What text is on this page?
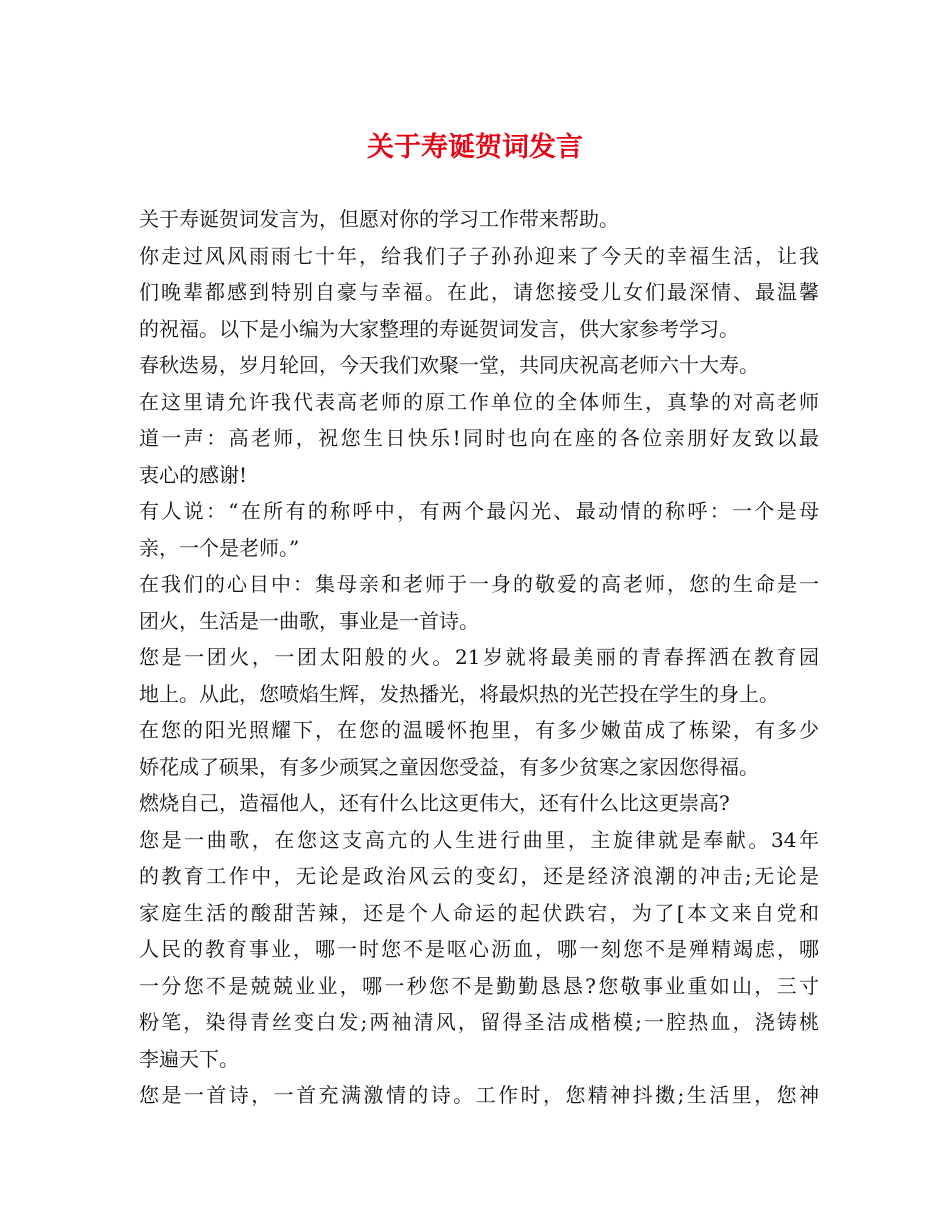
关于寿诞贺词发言
关于寿诞贺词发言为，但愿对你的学习工作带来帮助。
你走过风风雨雨七十年，给我们子子孙孙迎来了今天的幸福生活，让我
们晚辈都感到特别自豪与幸福。在此，请您接受儿女们最深情、最温馨
的祝福。以下是小编为大家整理的寿诞贺词发言，供大家参考学习。
春秋迭易，岁月轮回，今天我们欢聚一堂，共同庆祝高老师六十大寿。
在这里请允许我代表高老师的原工作单位的全体师生，真挚的对高老师
道一声：高老师，祝您生日快乐!同时也向在座的各位亲朋好友致以最
衷心的感谢!
有人说：“在所有的称呼中，有两个最闪光、最动情的称呼：一个是母
亲，一个是老师。”
在我们的心目中：集母亲和老师于一身的敬爱的高老师，您的生命是一
团火，生活是一曲歌，事业是一首诗。
您是一团火，一团太阳般的火。21岁就将最美丽的青春挥洒在教育园
地上。从此，您喷焰生辉，发热播光，将最炽热的光芒投在学生的身上。
在您的阳光照耀下，在您的温暖怀抱里，有多少嫩苗成了栋梁，有多少
娇花成了硕果，有多少顽冥之童因您受益，有多少贫寒之家因您得福。
燃烧自己，造福他人，还有什么比这更伟大，还有什么比这更崇高?
您是一曲歌，在您这支高亢的人生进行曲里，主旋律就是奉献。34年
的教育工作中，无论是政治风云的变幻，还是经济浪潮的冲击;无论是
家庭生活的酸甜苦辣，还是个人命运的起伏跌宕，为了[本文来自党和
人民的教育事业，哪一时您不是呕心沥血，哪一刻您不是殚精竭虑，哪
一分您不是兢兢业业，哪一秒您不是勤勤恳恳?您敬事业重如山，三寸
粉笔，染得青丝变白发;两袖清风，留得圣洁成楷模;一腔热血，浇铸桃
李遍天下。
您是一首诗，一首充满激情的诗。工作时，您精神抖擞;生活里，您神
